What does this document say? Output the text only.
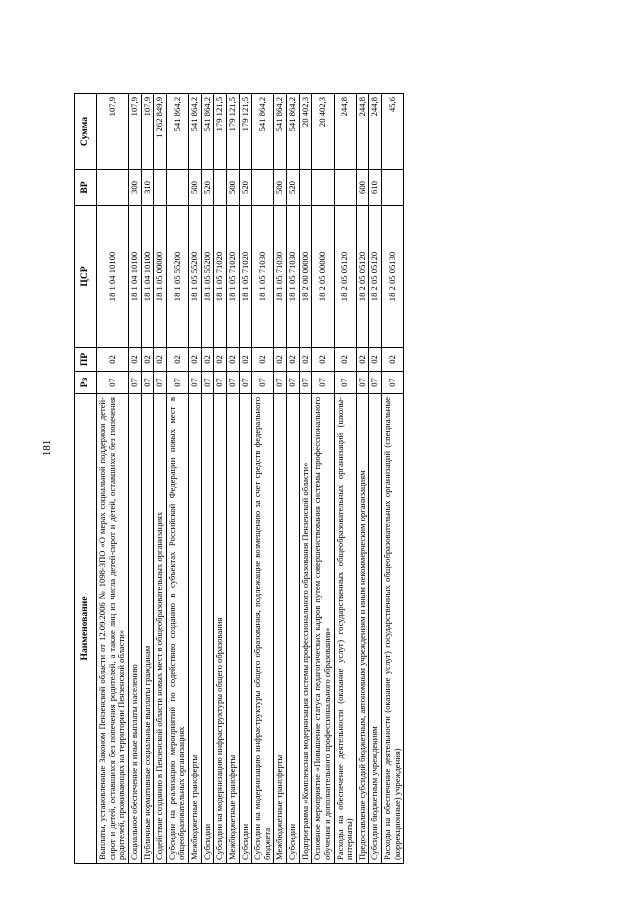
181
Наименование	Рз	ПР	ЦСР	ВР	Сумма
Выплаты, установленные Законом Пензенской области от 12.09.2006 № 1098-ЗПО «О мерах социальной поддержки детей-сирот и детей, оставшихся без попечения родителей, а также лиц из числа детей-сирот и детей, оставшихся без попечения родителей, проживающих на территории Пензенской области»	07	02	18 1 04 10100		107,9
Социальное обеспечение и иные выплаты населению	07	02	18 1 04 10100	300	107,9
Публичные нормативные социальные выплаты гражданам	07	02	18 1 04 10100	310	107,9
Содействие созданию в Пензенской области новых мест в общеобразовательных организациях	07	02	18 1 05 00000		1 262 849,9
Субсидии на реализацию мероприятий по содействию созданию в субъектах Российской Федерации новых мест в общеобразовательных организациях	07	02	18 1 05 55200		541 864,2
Межбюджетные трансферты	07	02	18 1 05 55200	500	541 864,2
Субсидии	07	02	18 1 05 55200	520	541 864,2
Субсидии на модернизацию инфраструктуры общего образования	07	02	18 1 05 71020		179 121,5
Межбюджетные трансферты	07	02	18 1 05 71020	500	179 121,5
Субсидии	07	02	18 1 05 71020	520	179 121,5
Субсидии на модернизацию инфраструктуры общего образования, подлежащие возмещению за счет средств федерального бюджета	07	02	18 1 05 71030		541 864,2
Межбюджетные трансферты	07	02	18 1 05 71030	500	541 864,2
Субсидии	07	02	18 1 05 71030	520	541 864,2
Подпрограмма «Комплексная модернизация системы профессионального образования Пензенской области»	07	02	18 2 00 00000		20 402,3
Основное мероприятие «Повышение статуса педагогических кадров путем совершенствования системы профессионального обучения и дополнительного профессионального образования»	07	02	18 2 05 00000		20 402,3
Расходы на обеспечение деятельности (оказание услуг) государственных общеобразовательных организаций (школы-интернаты)	07	02	18 2 05 05120		244,8
Предоставление субсидий бюджетным, автономным учреждениям и иным некоммерческим организациям	07	02	18 2 05 05120	600	244,8
Субсидии бюджетным учреждениям	07	02	18 2 05 05120	610	244,8
Расходы на обеспечение деятельности (оказание услуг) государственных общеобразовательных организаций (специальные (коррекционные) учреждения)	07	02	18 2 05 05130		45,6
